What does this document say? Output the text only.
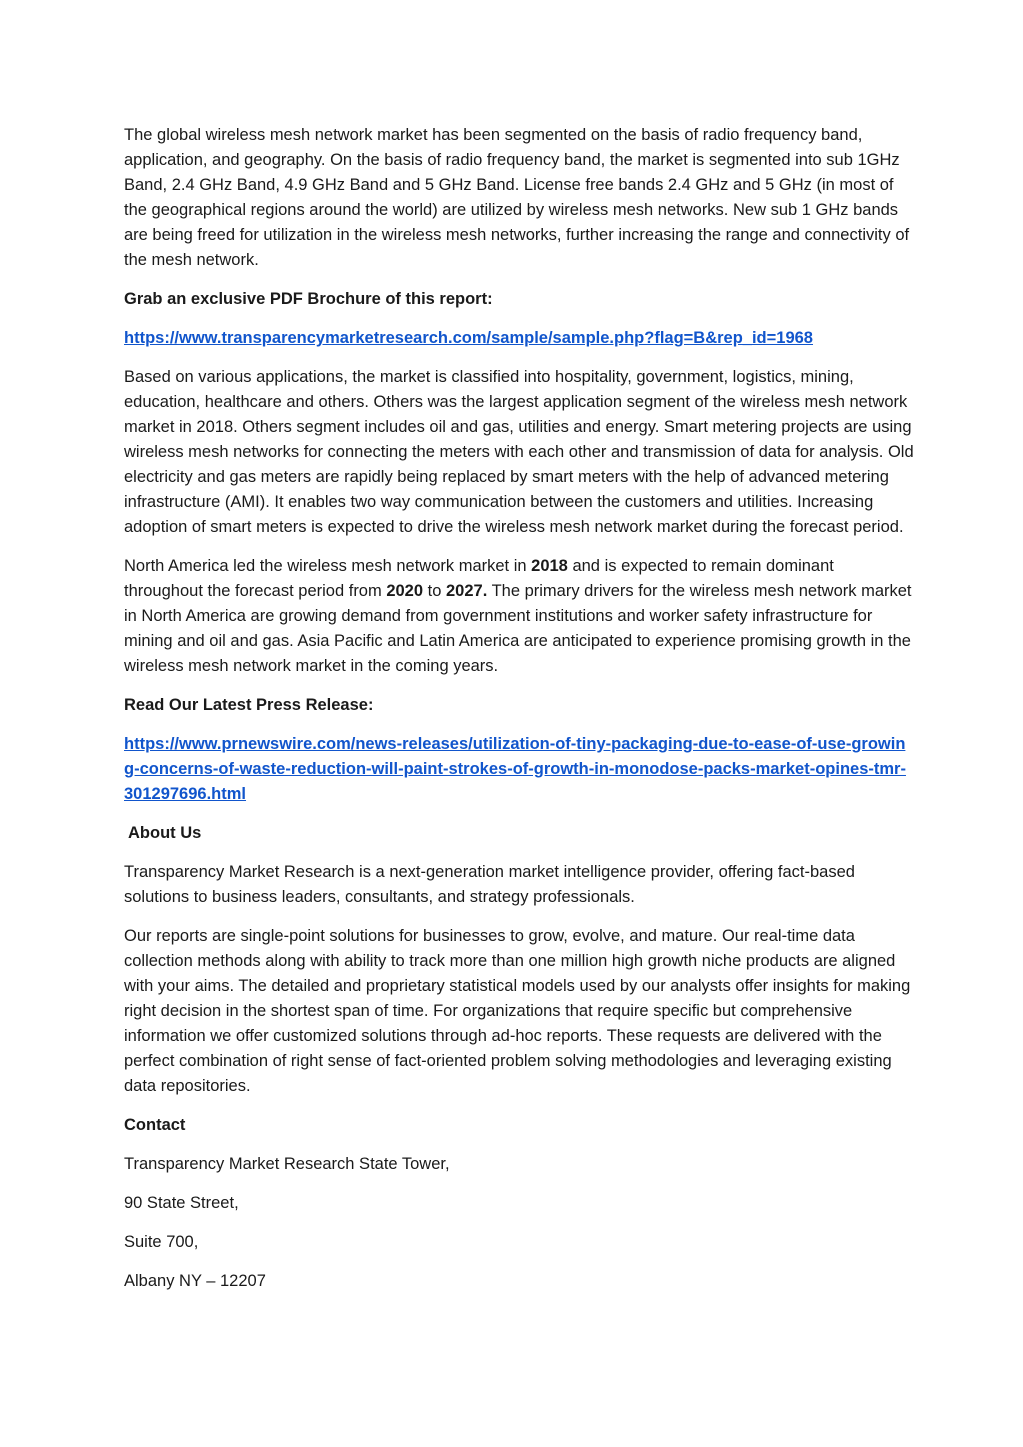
The global wireless mesh network market has been segmented on the basis of radio frequency band, application, and geography. On the basis of radio frequency band, the market is segmented into sub 1GHz Band, 2.4 GHz Band, 4.9 GHz Band and 5 GHz Band. License free bands 2.4 GHz and 5 GHz (in most of the geographical regions around the world) are utilized by wireless mesh networks. New sub 1 GHz bands are being freed for utilization in the wireless mesh networks, further increasing the range and connectivity of the mesh network.

Grab an exclusive PDF Brochure of this report:

https://www.transparencymarketresearch.com/sample/sample.php?flag=B&rep_id=1968

Based on various applications, the market is classified into hospitality, government, logistics, mining, education, healthcare and others. Others was the largest application segment of the wireless mesh network market in 2018. Others segment includes oil and gas, utilities and energy. Smart metering projects are using wireless mesh networks for connecting the meters with each other and transmission of data for analysis. Old electricity and gas meters are rapidly being replaced by smart meters with the help of advanced metering infrastructure (AMI). It enables two way communication between the customers and utilities. Increasing adoption of smart meters is expected to drive the wireless mesh network market during the forecast period.

North America led the wireless mesh network market in 2018 and is expected to remain dominant throughout the forecast period from 2020 to 2027. The primary drivers for the wireless mesh network market in North America are growing demand from government institutions and worker safety infrastructure for mining and oil and gas. Asia Pacific and Latin America are anticipated to experience promising growth in the wireless mesh network market in the coming years.

Read Our Latest Press Release:

https://www.prnewswire.com/news-releases/utilization-of-tiny-packaging-due-to-ease-of-use-growing-concerns-of-waste-reduction-will-paint-strokes-of-growth-in-monodose-packs-market-opines-tmr-301297696.html

About Us

Transparency Market Research is a next-generation market intelligence provider, offering fact-based solutions to business leaders, consultants, and strategy professionals.

Our reports are single-point solutions for businesses to grow, evolve, and mature. Our real-time data collection methods along with ability to track more than one million high growth niche products are aligned with your aims. The detailed and proprietary statistical models used by our analysts offer insights for making right decision in the shortest span of time. For organizations that require specific but comprehensive information we offer customized solutions through ad-hoc reports. These requests are delivered with the perfect combination of right sense of fact-oriented problem solving methodologies and leveraging existing data repositories.

Contact

Transparency Market Research State Tower,

90 State Street,

Suite 700,

Albany NY – 12207
